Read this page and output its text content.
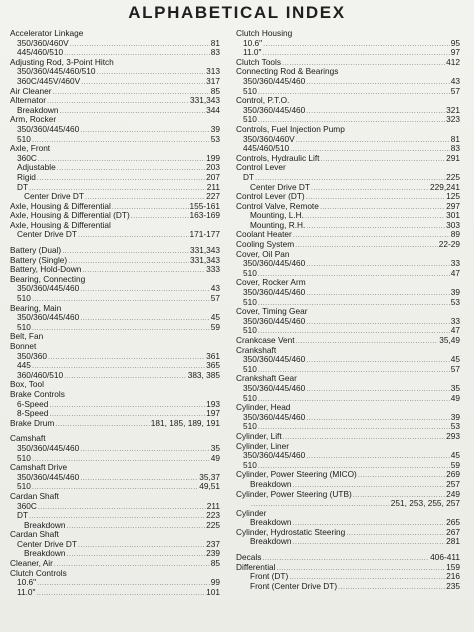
ALPHABETICAL INDEX
Accelerator Linkage
350/360/460V .....	81
445/460/510 .....	83
Adjusting Rod, 3-Point Hitch
350/360/445/460/510 .....	313
360C/445V/460V .....	317
Air Cleaner .....	85
Alternator .....	331,343
Breakdown .....	344
Arm, Rocker
350/360/445/460 .....	39
510 .....	53
Axle, Front
360C .....	199
Adjustable .....	203
Rigid .....	207
DT .....	211
Center Drive DT .....	227
Axle, Housing & Differential .....	155-161
Axle, Housing & Differential (DT) .....	163-169
Axle, Housing & Differential
Center Drive DT .....	171-177
Battery (Dual) .....	331,343
Battery (Single) .....	331,343
Battery, Hold-Down .....	333
Bearing, Connecting
350/360/445/460 .....	43
510 .....	57
Bearing, Main
350/360/445/460 .....	45
510 .....	59
Belt, Fan
Bonnet
350/360 .....	361
445 .....	365
360/460/510 .....	383, 385
Box, Tool
Brake Controls
6-Speed .....	193
8-Speed .....	197
Brake Drum .....	181, 185, 189, 191
Camshaft
350/360/445/460 .....	35
510 .....	49
Camshaft Drive
350/360/445/460 .....	35,37
510 .....	49,51
Cardan Shaft
360C .....	211
DT .....	223
Breakdown .....	225
Cardan Shaft
Center Drive DT .....	237
Breakdown .....	239
Cleaner, Air .....	85
Clutch Controls
10.6" .....	99
11.0" .....	101
Clutch Housing
10.6" .....	95
11.0" .....	97
Clutch Tools .....	412
Connecting Rod & Bearings
350/360/445/460 .....	43
510 .....	57
Control, P.T.O.
350/360/445/460 .....	321
510 .....	323
Controls, Fuel Injection Pump
350/360/460V .....	81
445/460/510 .....	83
Controls, Hydraulic Lift .....	291
Control Lever
DT .....	225
Center Drive DT .....	229,241
Control Lever (DT) .....	125
Control Valve, Remote .....	297
Mounting, L.H. .....	301
Mounting, R.H. .....	303
Coolant Heater .....	89
Cooling System .....	22-29
Cover, Oil Pan
350/360/445/460 .....	33
510 .....	47
Cover, Rocker Arm
350/360/445/460 .....	39
510 .....	53
Cover, Timing Gear
350/360/445/460 .....	33
510 .....	47
Crankcase Vent .....	35,49
Crankshaft
350/360/445/460 .....	45
510 .....	57
Crankshaft Gear
350/360/445/460 .....	35
510 .....	49
Cylinder, Head
350/360/445/460 .....	39
510 .....	53
Cylinder, Lift .....	293
Cylinder, Liner
350/360/445/460 .....	45
510 .....	59
Cylinder, Power Steering (MICO) .....	269
Breakdown .....	257
Cylinder, Power Steering (UTB) .....	249
.....
251, 253, 255, 257
Cylinder
Breakdown .....	265
Cylinder, Hydrostatic Steering .....	267
Breakdown .....	281
Decals .....	406-411
Differential .....	159
Front (DT) .....	216
Front (Center Drive DT) .....	235
